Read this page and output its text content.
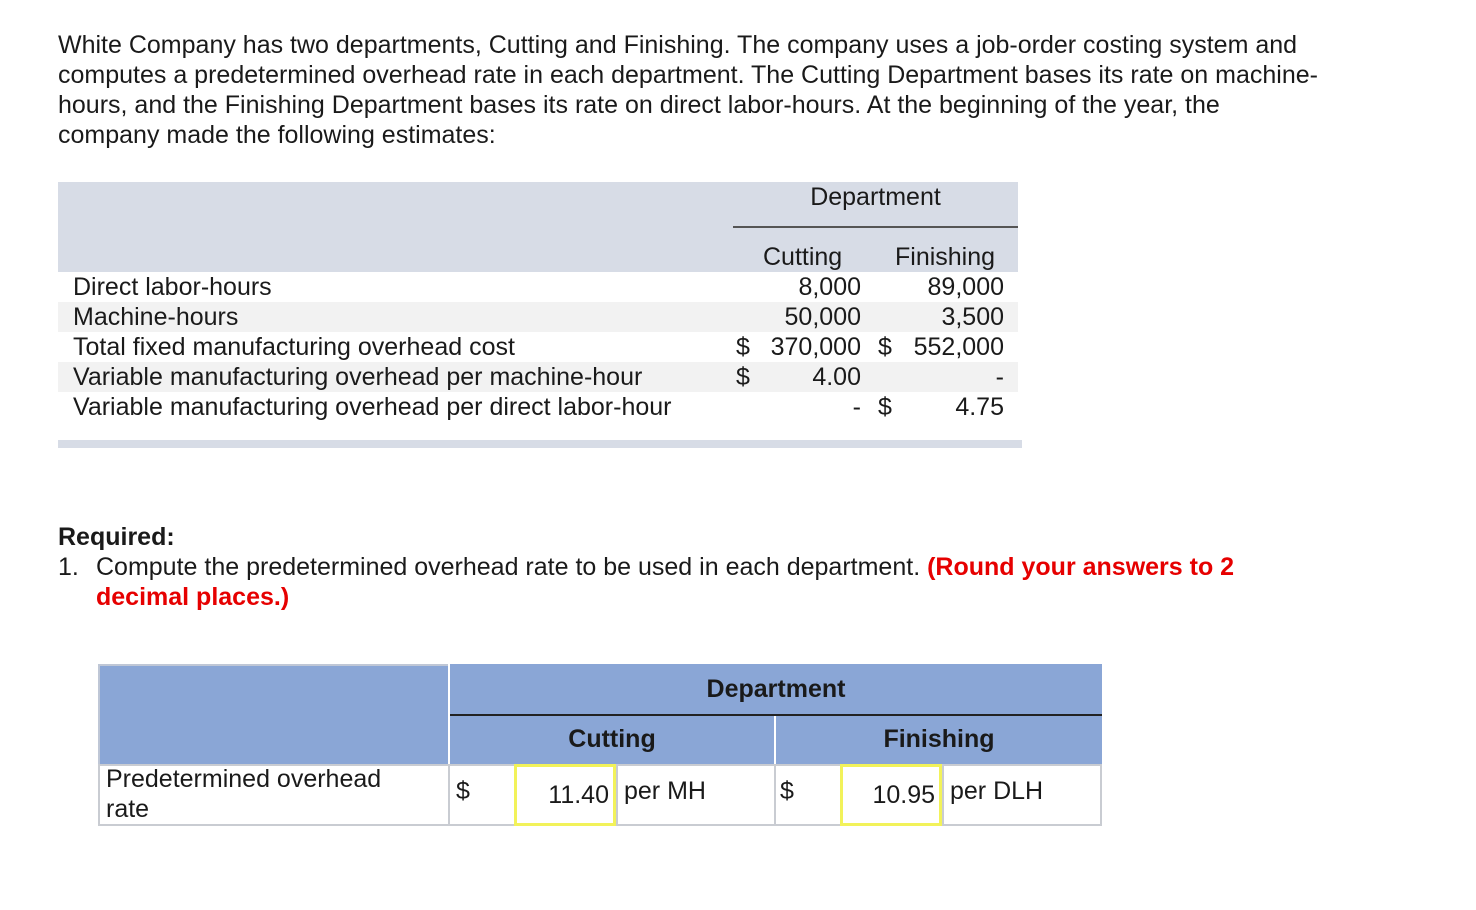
White Company has two departments, Cutting and Finishing. The company uses a job-order costing system and computes a predetermined overhead rate in each department. The Cutting Department bases its rate on machine-hours, and the Finishing Department bases its rate on direct labor-hours. At the beginning of the year, the company made the following estimates:

Department
Cutting Finishing
Direct labor-hours	8,000	89,000
Machine-hours	50,000	3,500
Total fixed manufacturing overhead cost	$ 370,000 $ 552,000
Variable manufacturing overhead per machine-hour	$	4.00	-
Variable manufacturing overhead per direct labor-hour	- $	4.75
Required:
1. Compute the predetermined overhead rate to be used in each department. (Round your answers to 2 decimal places.)
Department
Cutting	Finishing
Predetermined overhead rate
$	11.40 per MH	$	10.95 per DLH
